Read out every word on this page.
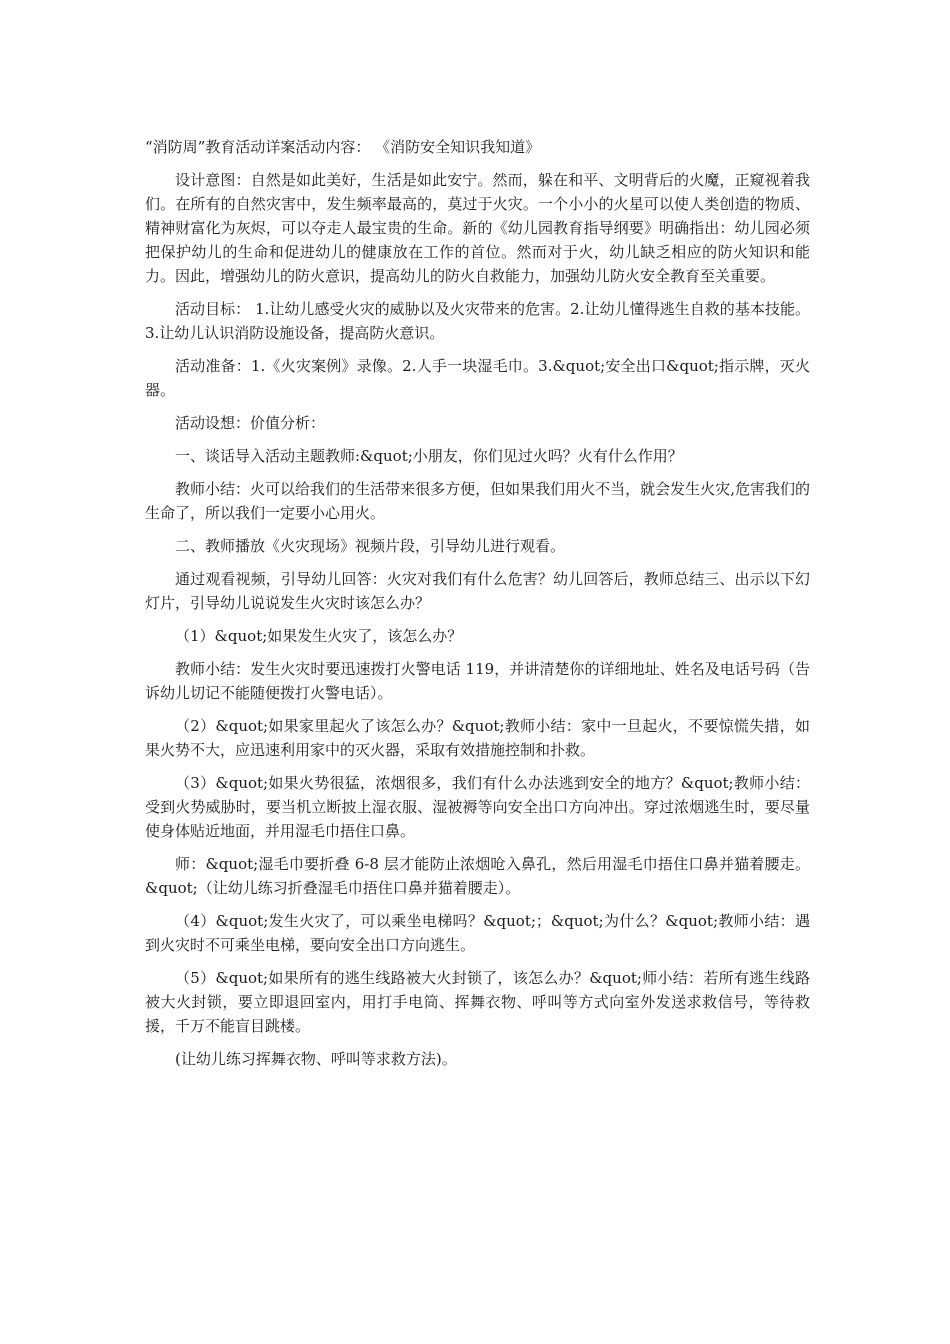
“消防周”教育活动详案活动内容： 《消防安全知识我知道》

设计意图：自然是如此美好，生活是如此安宁。然而，躲在和平、文明背后的火魔，正窥视着我们。在所有的自然灾害中，发生频率最高的，莫过于火灾。一个小小的火星可以使人类创造的物质、精神财富化为灰烬，可以夺走人最宝贵的生命。新的《幼儿园教育指导纲要》明确指出：幼儿园必须把保护幼儿的生命和促进幼儿的健康放在工作的首位。然而对于火，幼儿缺乏相应的防火知识和能力。因此，增强幼儿的防火意识，提高幼儿的防火自救能力，加强幼儿防火安全教育至关重要。

活动目标： 1.让幼儿感受火灾的威胁以及火灾带来的危害。2.让幼儿懂得逃生自救的基本技能。3.让幼儿认识消防设施设备，提高防火意识。

活动准备：1.《火灾案例》录像。2.人手一块湿毛巾。3.&quot;安全出口&quot;指示牌，灭火器。

活动设想：价值分析：

一、谈话导入活动主题教师:&quot;小朋友，你们见过火吗？火有什么作用？

教师小结：火可以给我们的生活带来很多方便，但如果我们用火不当，就会发生火灾,危害我们的生命了，所以我们一定要小心用火。

二、教师播放《火灾现场》视频片段，引导幼儿进行观看。

通过观看视频，引导幼儿回答：火灾对我们有什么危害？幼儿回答后，教师总结三、出示以下幻灯片，引导幼儿说说发生火灾时该怎么办？

（1）&quot;如果发生火灾了，该怎么办？

教师小结：发生火灾时要迅速拨打火警电话 119，并讲清楚你的详细地址、姓名及电话号码（告诉幼儿切记不能随便拨打火警电话）。

（2）&quot;如果家里起火了该怎么办？&quot;教师小结：家中一旦起火，不要惊慌失措，如果火势不大，应迅速利用家中的灭火器，采取有效措施控制和扑救。

（3）&quot;如果火势很猛，浓烟很多，我们有什么办法逃到安全的地方？&quot;教师小结：受到火势威胁时，要当机立断披上湿衣服、湿被褥等向安全出口方向冲出。穿过浓烟逃生时，要尽量使身体贴近地面，并用湿毛巾捂住口鼻。

师：&quot;湿毛巾要折叠 6-8 层才能防止浓烟呛入鼻孔，然后用湿毛巾捂住口鼻并猫着腰走。&quot;（让幼儿练习折叠湿毛巾捂住口鼻并猫着腰走）。

（4）&quot;发生火灾了，可以乘坐电梯吗？&quot;；&quot;为什么？&quot;教师小结：遇到火灾时不可乘坐电梯，要向安全出口方向逃生。

（5）&quot;如果所有的逃生线路被大火封锁了，该怎么办？&quot;师小结：若所有逃生线路被大火封锁，要立即退回室内，用打手电筒、挥舞衣物、呼叫等方式向室外发送求救信号，等待救援，千万不能盲目跳楼。

(让幼儿练习挥舞衣物、呼叫等求救方法)。
